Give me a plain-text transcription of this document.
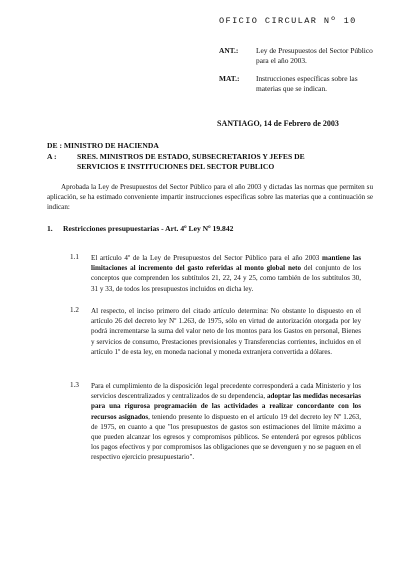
OFICIO CIRCULAR Nº 10
ANT.: Ley de Presupuestos del Sector Público para el año 2003.
MAT.: Instrucciones específicas sobre las materias que se indican.
SANTIAGO, 14 de Febrero de 2003
DE : MINISTRO DE HACIENDA
A :	SRES. MINISTROS DE ESTADO, SUBSECRETARIOS Y JEFES DE SERVICIOS E INSTITUCIONES DEL SECTOR PUBLICO
Aprobada la Ley de Presupuestos del Sector Público para el año 2003 y dictadas las normas que permiten su aplicación, se ha estimado conveniente impartir instrucciones específicas sobre las materias que a continuación se indican:
1. Restricciones presupuestarias - Art. 4º Ley Nº 19.842
1.1 El artículo 4º de la Ley de Presupuestos del Sector Público para el año 2003 mantiene las limitaciones al incremento del gasto referidas al monto global neto del conjunto de los conceptos que comprenden los subtítulos 21, 22, 24 y 25, como también de los subtítulos 30, 31 y 33, de todos los presupuestos incluidos en dicha ley.
1.2 Al respecto, el inciso primero del citado artículo determina: No obstante lo dispuesto en el artículo 26 del decreto ley Nº 1.263, de 1975, sólo en virtud de autorización otorgada por ley podrá incrementarse la suma del valor neto de los montos para los Gastos en personal, Bienes y servicios de consumo, Prestaciones previsionales y Transferencias corrientes, incluidos en el artículo 1º de esta ley, en moneda nacional y moneda extranjera convertida a dólares.
1.3 Para el cumplimiento de la disposición legal precedente corresponderá a cada Ministerio y los servicios descentralizados y centralizados de su dependencia, adoptar las medidas necesarias para una rigurosa programación de las actividades a realizar concordante con los recursos asignados, teniendo presente lo dispuesto en el artículo 19 del decreto ley Nº 1.263, de 1975, en cuanto a que "los presupuestos de gastos son estimaciones del límite máximo a que pueden alcanzar los egresos y compromisos públicos. Se entenderá por egresos públicos los pagos efectivos y por compromisos las obligaciones que se devenguen y no se paguen en el respectivo ejercicio presupuestario".
